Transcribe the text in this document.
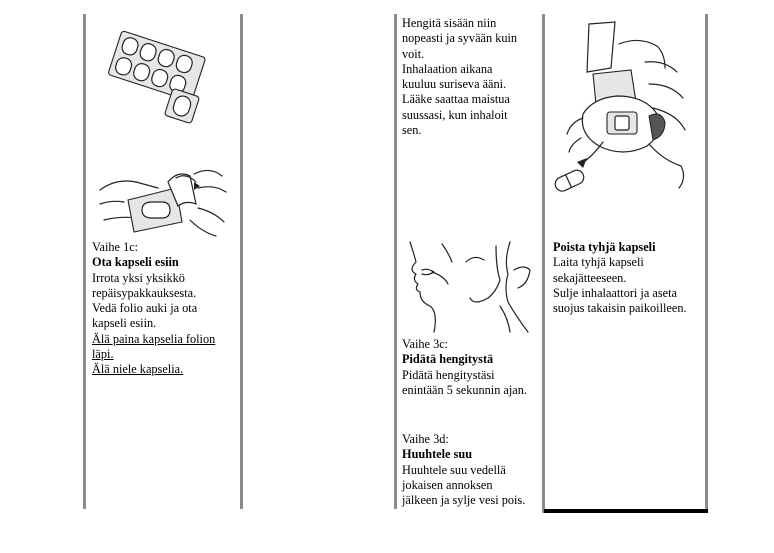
Vaihe 1c:
Ota kapseli esiin
Irrota yksi yksikkö
repäisypakkauksesta.
Vedä folio auki ja ota
kapseli esiin.
Älä paina kapselia folion
läpi.
Älä niele kapselia.
Hengitä sisään niin
nopeasti ja syvään kuin
voit.
Inhalaation aikana
kuuluu suriseva ääni.
Lääke saattaa maistua
suussasi, kun inhaloit
sen.
Vaihe 3c:
Pidätä hengitystä
Pidätä hengitystäsi
enintään 5 sekunnin ajan.
Vaihe 3d:
Huuhtele suu
Huuhtele suu vedellä
jokaisen annoksen
jälkeen ja sylje vesi pois.
Poista tyhjä kapseli
Laita tyhjä kapseli
sekajätteeseen.
Sulje inhalaattori ja aseta
suojus takaisin paikoilleen.
